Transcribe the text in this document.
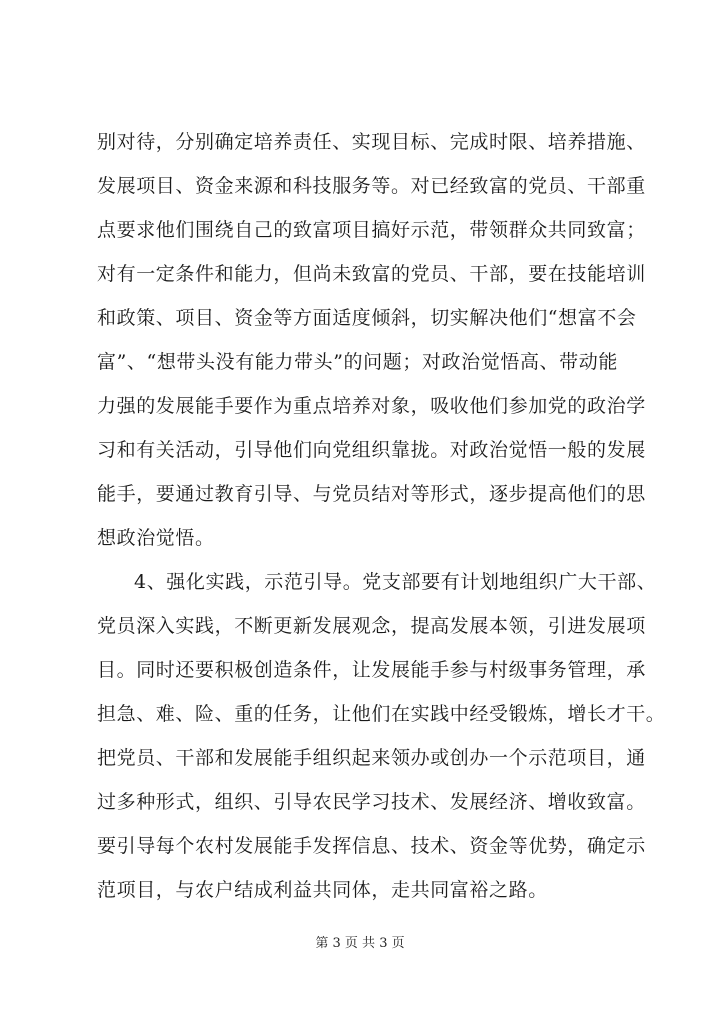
别对待，分别确定培养责任、实现目标、完成时限、培养措施、
发展项目、资金来源和科技服务等。对已经致富的党员、干部重
点要求他们围绕自己的致富项目搞好示范，带领群众共同致富；
对有一定条件和能力，但尚未致富的党员、干部，要在技能培训
和政策、项目、资金等方面适度倾斜，切实解决他们“想富不会
富”、“想带头没有能力带头”的问题；对政治觉悟高、带动能
力强的发展能手要作为重点培养对象，吸收他们参加党的政治学
习和有关活动，引导他们向党组织靠拢。对政治觉悟一般的发展
能手，要通过教育引导、与党员结对等形式，逐步提高他们的思
想政治觉悟。
4、强化实践，示范引导。党支部要有计划地组织广大干部、
党员深入实践，不断更新发展观念，提高发展本领，引进发展项
目。同时还要积极创造条件，让发展能手参与村级事务管理，承
担急、难、险、重的任务，让他们在实践中经受锻炼，增长才干。
把党员、干部和发展能手组织起来领办或创办一个示范项目，通
过多种形式，组织、引导农民学习技术、发展经济、增收致富。
要引导每个农村发展能手发挥信息、技术、资金等优势，确定示
范项目，与农户结成利益共同体，走共同富裕之路。
第 3 页 共 3 页
